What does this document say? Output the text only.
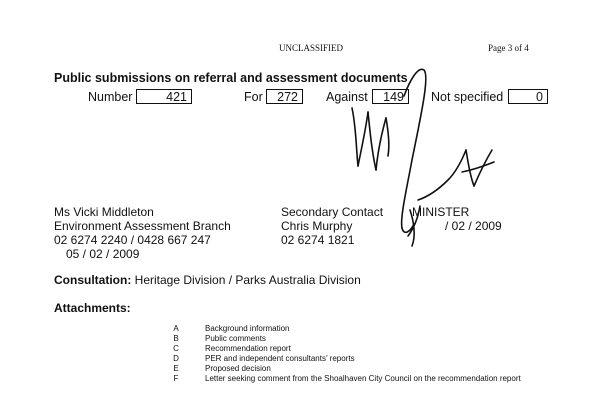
UNCLASSIFIED	Page 3 of 4
Public submissions on referral and assessment documents
Number	421	For	272	Against	149	Not specified	0
Ms Vicki Middleton
Environment Assessment Branch
02 6274 2240 / 0428 667 247
05 / 02 / 2009
Secondary Contact
Chris Murphy
02 6274 1821
MINISTER
/ 02 / 2009
Consultation: Heritage Division / Parks Australia Division
Attachments:
A	Background information
B	Public comments
C	Recommendation report
D	PER and independent consultants’ reports
E	Proposed decision
F	Letter seeking comment from the Shoalhaven City Council on the recommendation report
